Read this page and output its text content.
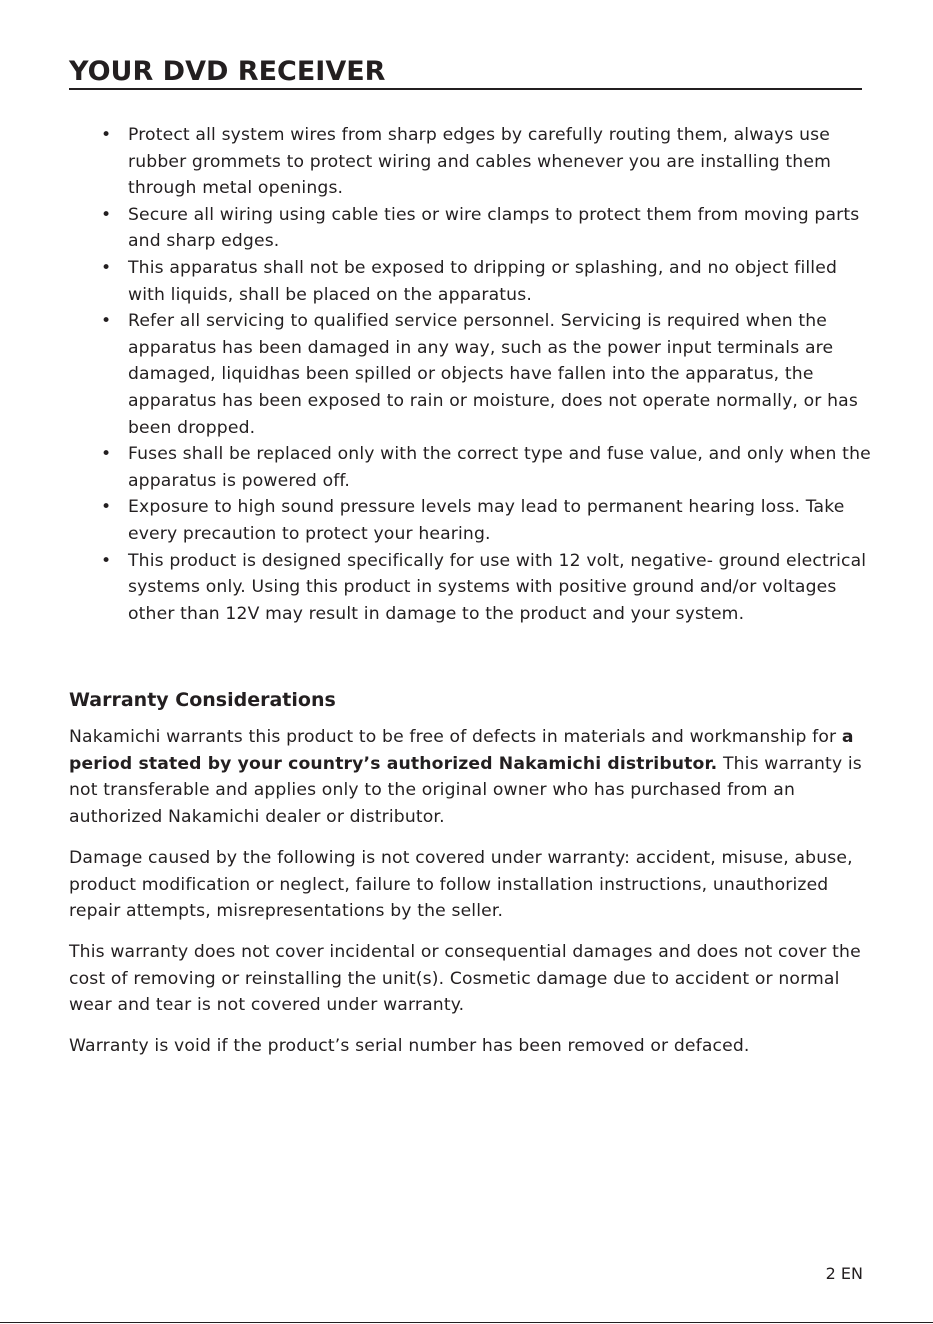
YOUR DVD RECEIVER
• Protect all system wires from sharp edges by carefully routing them, always use rubber grommets to protect wiring and cables whenever you are installing them through metal openings.
• Secure all wiring using cable ties or wire clamps to protect them from moving parts and sharp edges.
• This apparatus shall not be exposed to dripping or splashing, and no object filled with liquids, shall be placed on the apparatus.
• Refer all servicing to qualified service personnel. Servicing is required when the apparatus has been damaged in any way, such as the power input terminals are damaged, liquidhas been spilled or objects have fallen into the apparatus, the apparatus has been exposed to rain or moisture, does not operate normally, or has been dropped.
• Fuses shall be replaced only with the correct type and fuse value, and only when the apparatus is powered off.
• Exposure to high sound pressure levels may lead to permanent hearing loss. Take every precaution to protect your hearing.
• This product is designed specifically for use with 12 volt, negative- ground electrical systems only. Using this product in systems with positive ground and/or voltages other than 12V may result in damage to the product and your system.
Warranty Considerations

Nakamichi warrants this product to be free of defects in materials and workmanship for a period stated by your country’s authorized Nakamichi distributor. This warranty is not transferable and applies only to the original owner who has purchased from an authorized Nakamichi dealer or distributor.

Damage caused by the following is not covered under warranty: accident, misuse, abuse, product modification or neglect, failure to follow installation instructions, unauthorized repair attempts, misrepresentations by the seller.

This warranty does not cover incidental or consequential damages and does not cover the cost of removing or reinstalling the unit(s). Cosmetic damage due to accident or normal wear and tear is not covered under warranty.

Warranty is void if the product’s serial number has been removed or defaced.

2 EN
